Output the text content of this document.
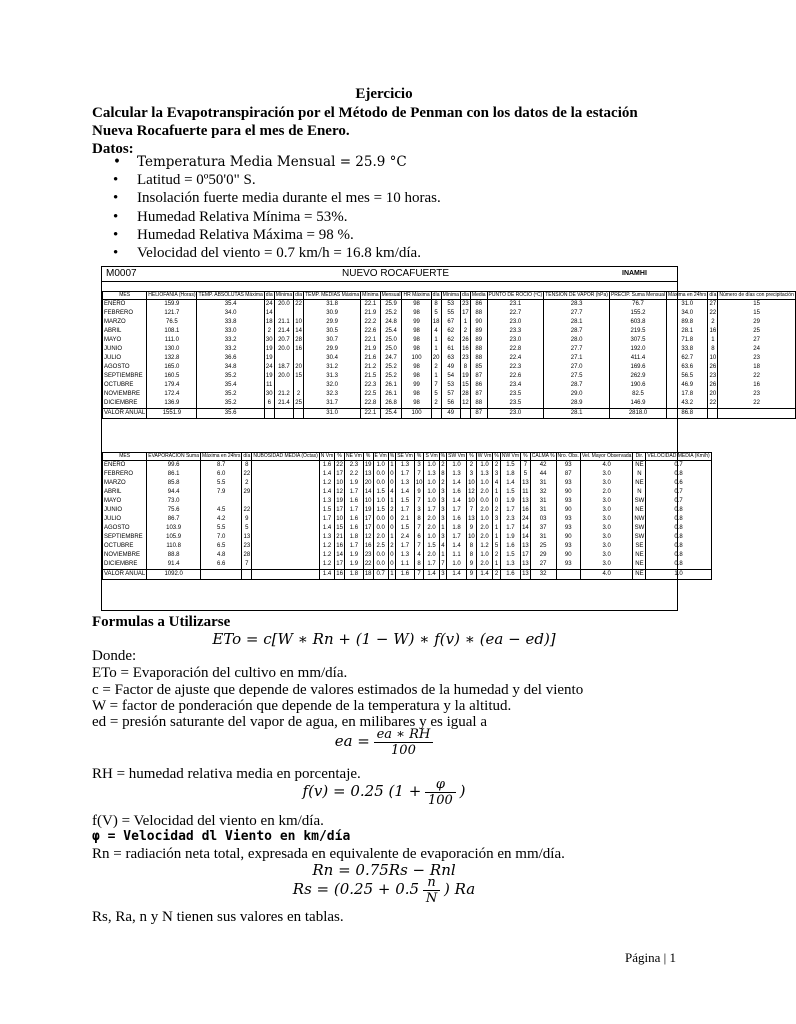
Ejercicio
Calcular la Evapotranspiración por el Método de Penman con los datos de la estación Nueva Rocafuerte para el mes de Enero.
Datos:
• Temperatura Media Mensual = 25.9 °C
• Latitud = 0º50'0" S.
• Insolación fuerte media durante el mes = 10 horas.
• Humedad Relativa Mínima = 53%.
• Humedad Relativa Máxima = 98 %.
• Velocidad del viento = 0.7 km/h = 16.8 km/día.
M0007	NUEVO ROCAFUERTE	INAMHI
MES	HELIOFANIA (Horas)	TEMP. ABSOLUTAS Máxima	día	Mínima	día	TEMP. MEDIAS Máxima	Mínima	Mensual	HR Máxima	día	Mínima	día	Media	PUNTO DE ROCIO (ºC)	TENSION DE VAPOR (hPa)	PRECIP. Suma Mensual	Máxima en 24hrs	día	Número de días con precipitación
ENERO	159.9	35.4	24	20.0	22	31.8	22.1	25.9	98	8	53	23	86	23.1	28.3	76.7	31.0	27	15
FEBRERO	121.7	34.0	14			30.9	21.9	25.2	98	5	55	17	88	22.7	27.7	155.2	34.0	22	15
MARZO	76.5	33.8	18	21.1	10	29.9	22.2	24.8	99	18	67	1	90	23.0	28.1	603.8	89.8	2	29
ABRIL	108.1	33.0	2	21.4	14	30.5	22.6	25.4	98	4	62	2	89	23.3	28.7	219.5	28.1	16	25
MAYO	111.0	33.2	30	20.7	28	30.7	22.1	25.0	98	1	62	26	89	23.0	28.0	307.5	71.8	1	27
JUNIO	130.0	33.2	19	20.0	16	29.9	21.9	25.0	98	1	61	16	88	22.8	27.7	192.0	33.8	8	24
JULIO	132.8	36.6	19			30.4	21.6	24.7	100	20	63	23	88	22.4	27.1	411.4	62.7	10	23
AGOSTO	165.0	34.8	24	18.7	20	31.2	21.2	25.2	98	2	49	8	85	22.3	27.0	169.6	63.6	26	18
SEPTIEMBRE	160.5	35.2	19	20.0	15	31.3	21.5	25.2	98	1	54	19	87	22.6	27.5	262.9	56.5	23	22
OCTUBRE	179.4	35.4	11			32.0	22.3	26.1	99	7	53	15	86	23.4	28.7	190.6	46.9	26	16
NOVIEMBRE	172.4	35.2	30	21.2	2	32.3	22.5	26.1	98	5	57	28	87	23.5	29.0	82.5	17.8	20	23
DICIEMBRE	136.9	35.2	6	21.4	25	31.7	22.8	26.8	98	2	56	12	88	23.5	28.9	146.9	43.2	22	22
VALOR ANUAL	1551.9	35.6				31.0	22.1	25.4	100		49		87	23.0	28.1	2818.0	86.8		
MES	EVAPORACION Suma	Máxima en 24hrs	día	NUBOSIDAD MEDIA (Octas)	N Vm	%	NE Vm	%	E Vm	%	SE Vm	%	S Vm	%	SW Vm	%	W Vm	%	NW Vm	%	CALMA %	Nro. Obs.	Vel. Mayor Observada	Dir.	VELOCIDAD MEDIA (Km/h)
ENERO	99.6	8.7	8		1.6	22	2.3	19	1.0	1	1.3	3	1.0	2	1.0	2	1.0	2	1.5	7	42	93	4.0	NE	0.7
FEBRERO	86.1	6.0	22		1.4	17	2.2	13	0.0	0	1.7	7	1.3	8	1.3	3	1.3	3	1.8	5	44	87	3.0	N	0.8
MARZO	85.8	5.5	2		1.2	10	1.9	20	0.0	0	1.3	10	1.0	2	1.4	10	1.0	4	1.4	13	31	93	3.0	NE	0.6
ABRIL	94.4	7.9	29		1.4	12	1.7	14	1.5	4	1.4	9	1.0	3	1.6	12	2.0	1	1.5	11	32	90	2.0	N	0.7
MAYO	73.0				1.3	19	1.6	10	1.0	1	1.5	7	1.0	3	1.4	10	0.0	0	1.9	13	31	93	3.0	SW	0.7
JUNIO	75.6	4.5	22		1.5	17	1.7	19	1.5	2	1.7	3	1.7	3	1.7	7	2.0	2	1.7	16	31	90	3.0	NE	0.8
JULIO	86.7	4.2	9		1.7	10	1.6	17	0.0	0	2.1	8	2.0	3	1.6	13	1.0	3	2.3	24	03	93	3.0	NW	0.8
AGOSTO	103.9	5.5	5		1.4	15	1.6	17	0.0	0	1.5	7	2.0	1	1.8	9	2.0	1	1.7	14	37	93	3.0	SW	0.8
SEPTIEMBRE	105.9	7.0	13		1.3	21	1.8	12	2.0	1	2.4	6	1.0	3	1.7	10	2.0	1	1.9	14	31	90	3.0	SW	0.8
OCTUBRE	110.8	6.5	23		1.2	16	1.7	16	2.5	2	1.7	7	1.5	4	1.4	8	1.2	5	1.6	13	25	93	3.0	SE	0.8
NOVIEMBRE	88.8	4.8	28		1.2	14	1.9	23	0.0	0	1.3	4	2.0	1	1.1	8	1.0	2	1.5	17	29	90	3.0	NE	0.8
DICIEMBRE	91.4	6.6	7		1.2	17	1.9	22	0.0	0	1.1	8	1.7	7	1.0	9	2.0	1	1.3	13	27	93	3.0	NE	0.8
VALOR ANUAL	1092.0				1.4	16	1.8	18	0.7	1	1.6	7	1.4	3	1.4	9	1.4	2	1.6	13	32		4.0	NE	1.0
Formulas a Utilizarse
ETo = c[W ∗ Rn + (1 − W) ∗ f(v) ∗ (ea − ed)]
Donde:
ETo = Evaporación del cultivo en mm/día.
c = Factor de ajuste que depende de valores estimados de la humedad y del viento
W = factor de ponderación que depende de la temperatura y la altitud.
ed = presión saturante del vapor de agua, en milibares y es igual a
ea = $\frac{ea ∗ RH}{100}$
RH = humedad relativa media en porcentaje.
f(v) = 0.25 ($1 + \frac{\varphi}{100}$ )
f(V) = Velocidad del viento en km/día.
φ = Velocidad dl Viento en km/día
Rn = radiación neta total, expresada en equivalente de evaporación en mm/día.
Rn = 0.75Rs − Rnl
$Rs = (0.25 + 0.5 \frac{n}{N}$ ) Ra
Rs, Ra, n y N tienen sus valores en tablas.
Página | 1
